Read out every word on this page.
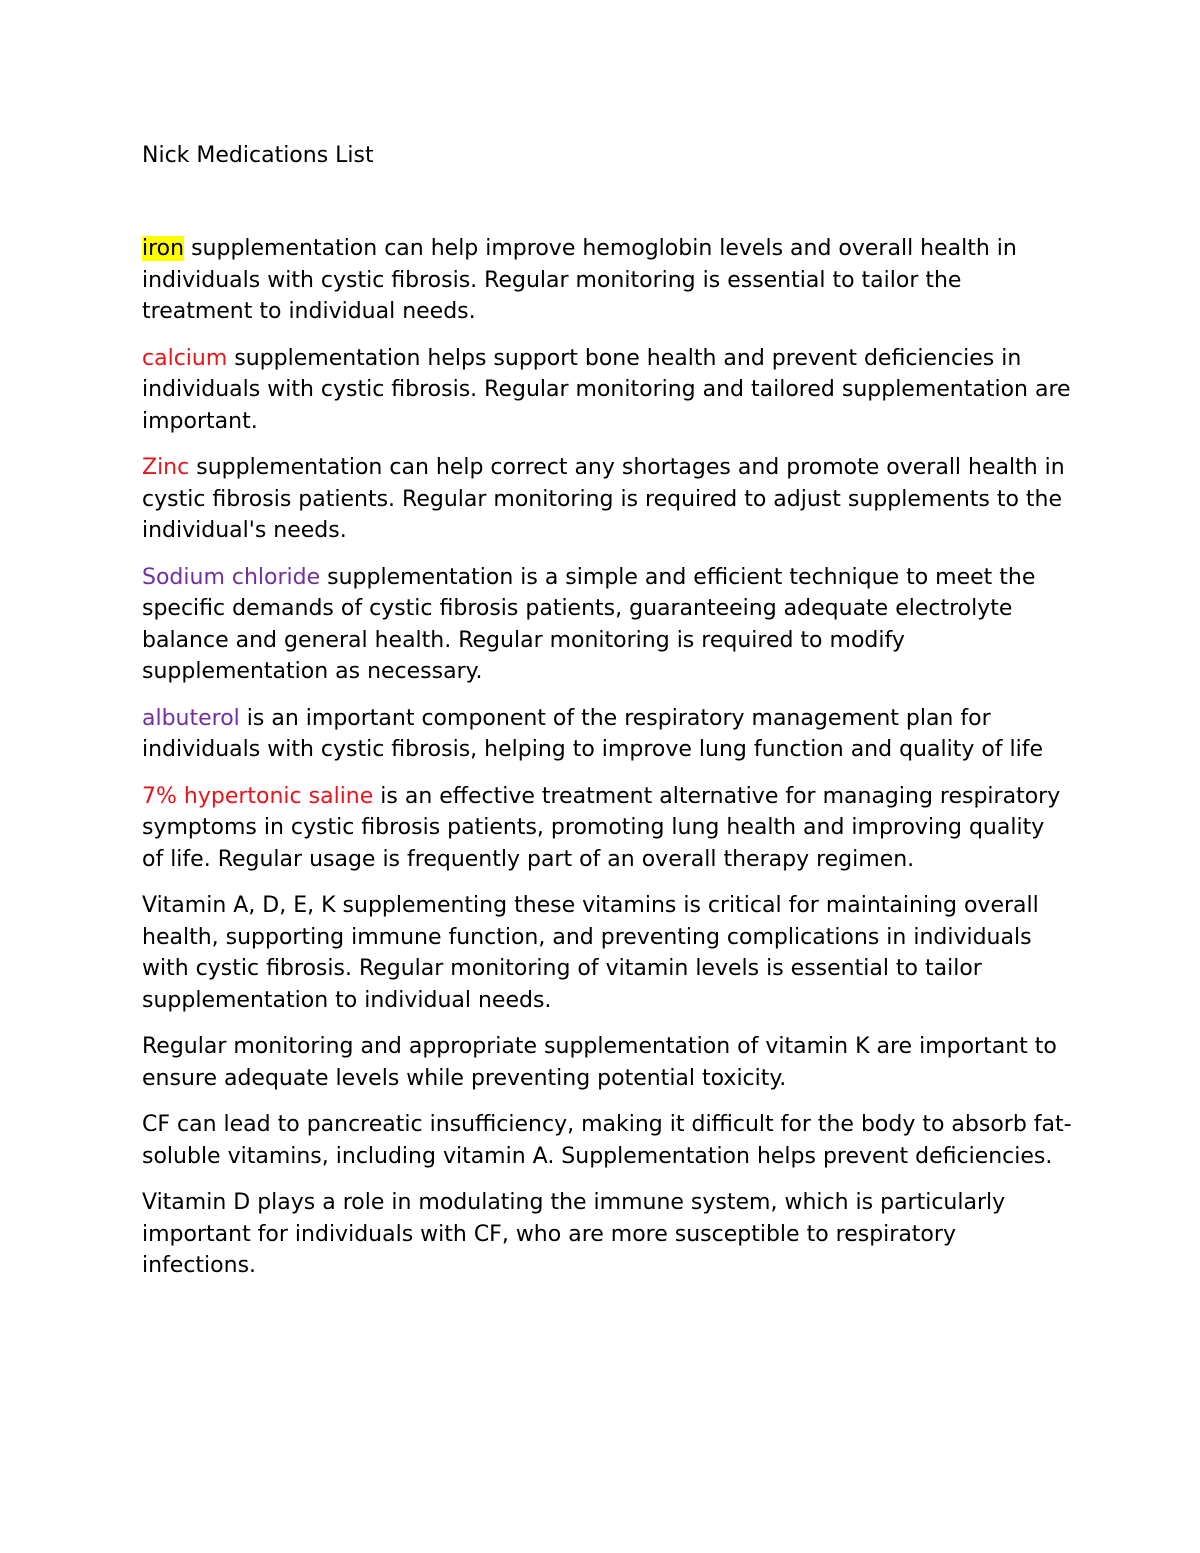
Nick Medications List

iron supplementation can help improve hemoglobin levels and overall health in individuals with cystic fibrosis. Regular monitoring is essential to tailor the treatment to individual needs.

calcium supplementation helps support bone health and prevent deficiencies in individuals with cystic fibrosis. Regular monitoring and tailored supplementation are important.

Zinc supplementation can help correct any shortages and promote overall health in cystic fibrosis patients. Regular monitoring is required to adjust supplements to the individual's needs.

Sodium chloride supplementation is a simple and efficient technique to meet the specific demands of cystic fibrosis patients, guaranteeing adequate electrolyte balance and general health. Regular monitoring is required to modify supplementation as necessary.

albuterol is an important component of the respiratory management plan for individuals with cystic fibrosis, helping to improve lung function and quality of life

7% hypertonic saline is an effective treatment alternative for managing respiratory symptoms in cystic fibrosis patients, promoting lung health and improving quality of life. Regular usage is frequently part of an overall therapy regimen.

Vitamin A, D, E, K supplementing these vitamins is critical for maintaining overall health, supporting immune function, and preventing complications in individuals with cystic fibrosis. Regular monitoring of vitamin levels is essential to tailor supplementation to individual needs.

Regular monitoring and appropriate supplementation of vitamin K are important to ensure adequate levels while preventing potential toxicity.

CF can lead to pancreatic insufficiency, making it difficult for the body to absorb fat-soluble vitamins, including vitamin A. Supplementation helps prevent deficiencies.

Vitamin D plays a role in modulating the immune system, which is particularly important for individuals with CF, who are more susceptible to respiratory infections.
